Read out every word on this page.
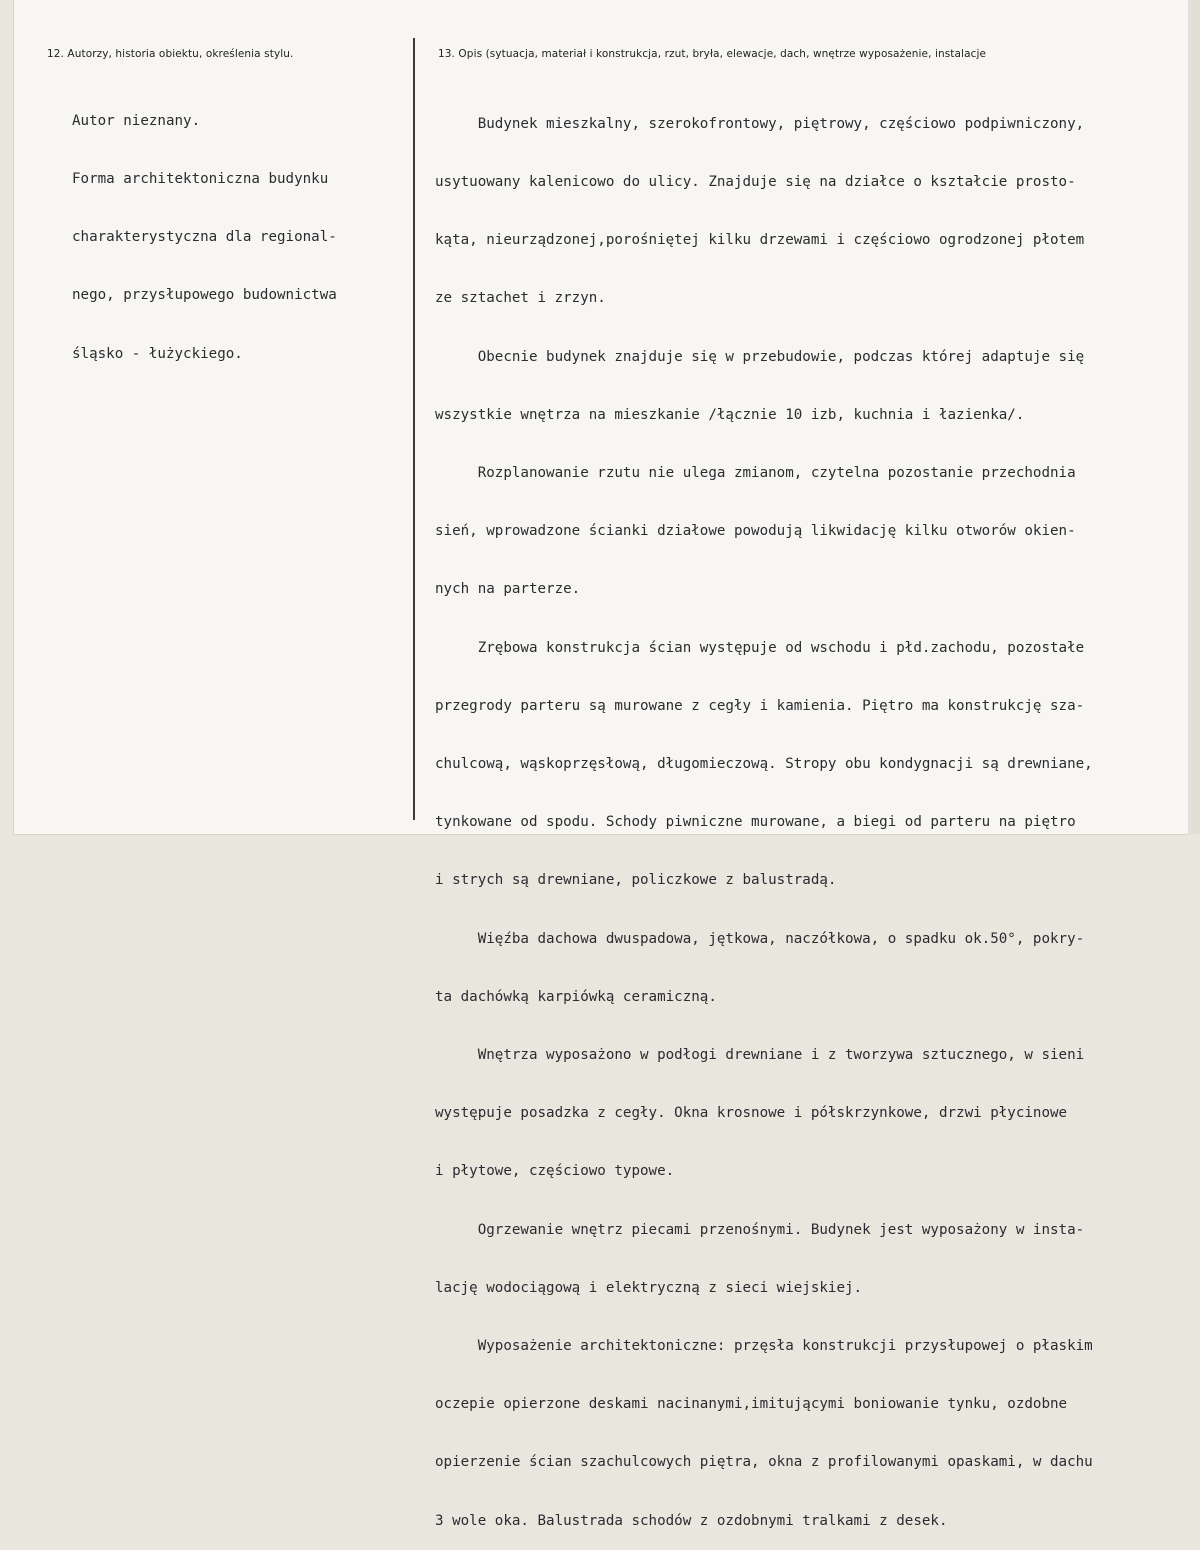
12. Autorzy, historia obiektu, określenia stylu.	13. Opis (sytuacja, materiał i konstrukcja, rzut, bryła, elewacje, dach, wnętrze wyposażenie, instalacje

Autor nieznany.

Forma architektoniczna budynku

charakterystyczna dla regional-

nego, przysłupowego budownictwa

śląsko - łużyckiego.

Budynek mieszkalny, szerokofrontowy, piętrowy, częściowo podpiwniczony,

usytuowany kalenicowo do ulicy. Znajduje się na działce o kształcie prosto-

kąta, nieurządzonej,porośniętej kilku drzewami i częściowo ogrodzonej płotem

ze sztachet i zrzyn.

Obecnie budynek znajduje się w przebudowie, podczas której adaptuje się

wszystkie wnętrza na mieszkanie /łącznie 10 izb, kuchnia i łazienka/.

Rozplanowanie rzutu nie ulega zmianom, czytelna pozostanie przechodnia

sień, wprowadzone ścianki działowe powodują likwidację kilku otworów okien-

nych na parterze.

Zrębowa konstrukcja ścian występuje od wschodu i płd.zachodu, pozostałe

przegrody parteru są murowane z cegły i kamienia. Piętro ma konstrukcję sza-

chulcową, wąskoprzęsłową, długomieczową. Stropy obu kondygnacji są drewniane,

tynkowane od spodu. Schody piwniczne murowane, a biegi od parteru na piętro

i strych są drewniane, policzkowe z balustradą.

Więźba dachowa dwuspadowa, jętkowa, naczółkowa, o spadku ok.50°, pokry-

ta dachówką karpiówką ceramiczną.

Wnętrza wyposażono w podłogi drewniane i z tworzywa sztucznego, w sieni

występuje posadzka z cegły. Okna krosnowe i półskrzynkowe, drzwi płycinowe

i płytowe, częściowo typowe.

Ogrzewanie wnętrz piecami przenośnymi. Budynek jest wyposażony w insta-

lację wodociągową i elektryczną z sieci wiejskiej.

Wyposażenie architektoniczne: przęsła konstrukcji przysłupowej o płaskim

oczepie opierzone deskami nacinanymi,imitującymi boniowanie tynku, ozdobne

opierzenie ścian szachulcowych piętra, okna z profilowanymi opaskami, w dachu

3 wole oka. Balustrada schodów z ozdobnymi tralkami z desek.
